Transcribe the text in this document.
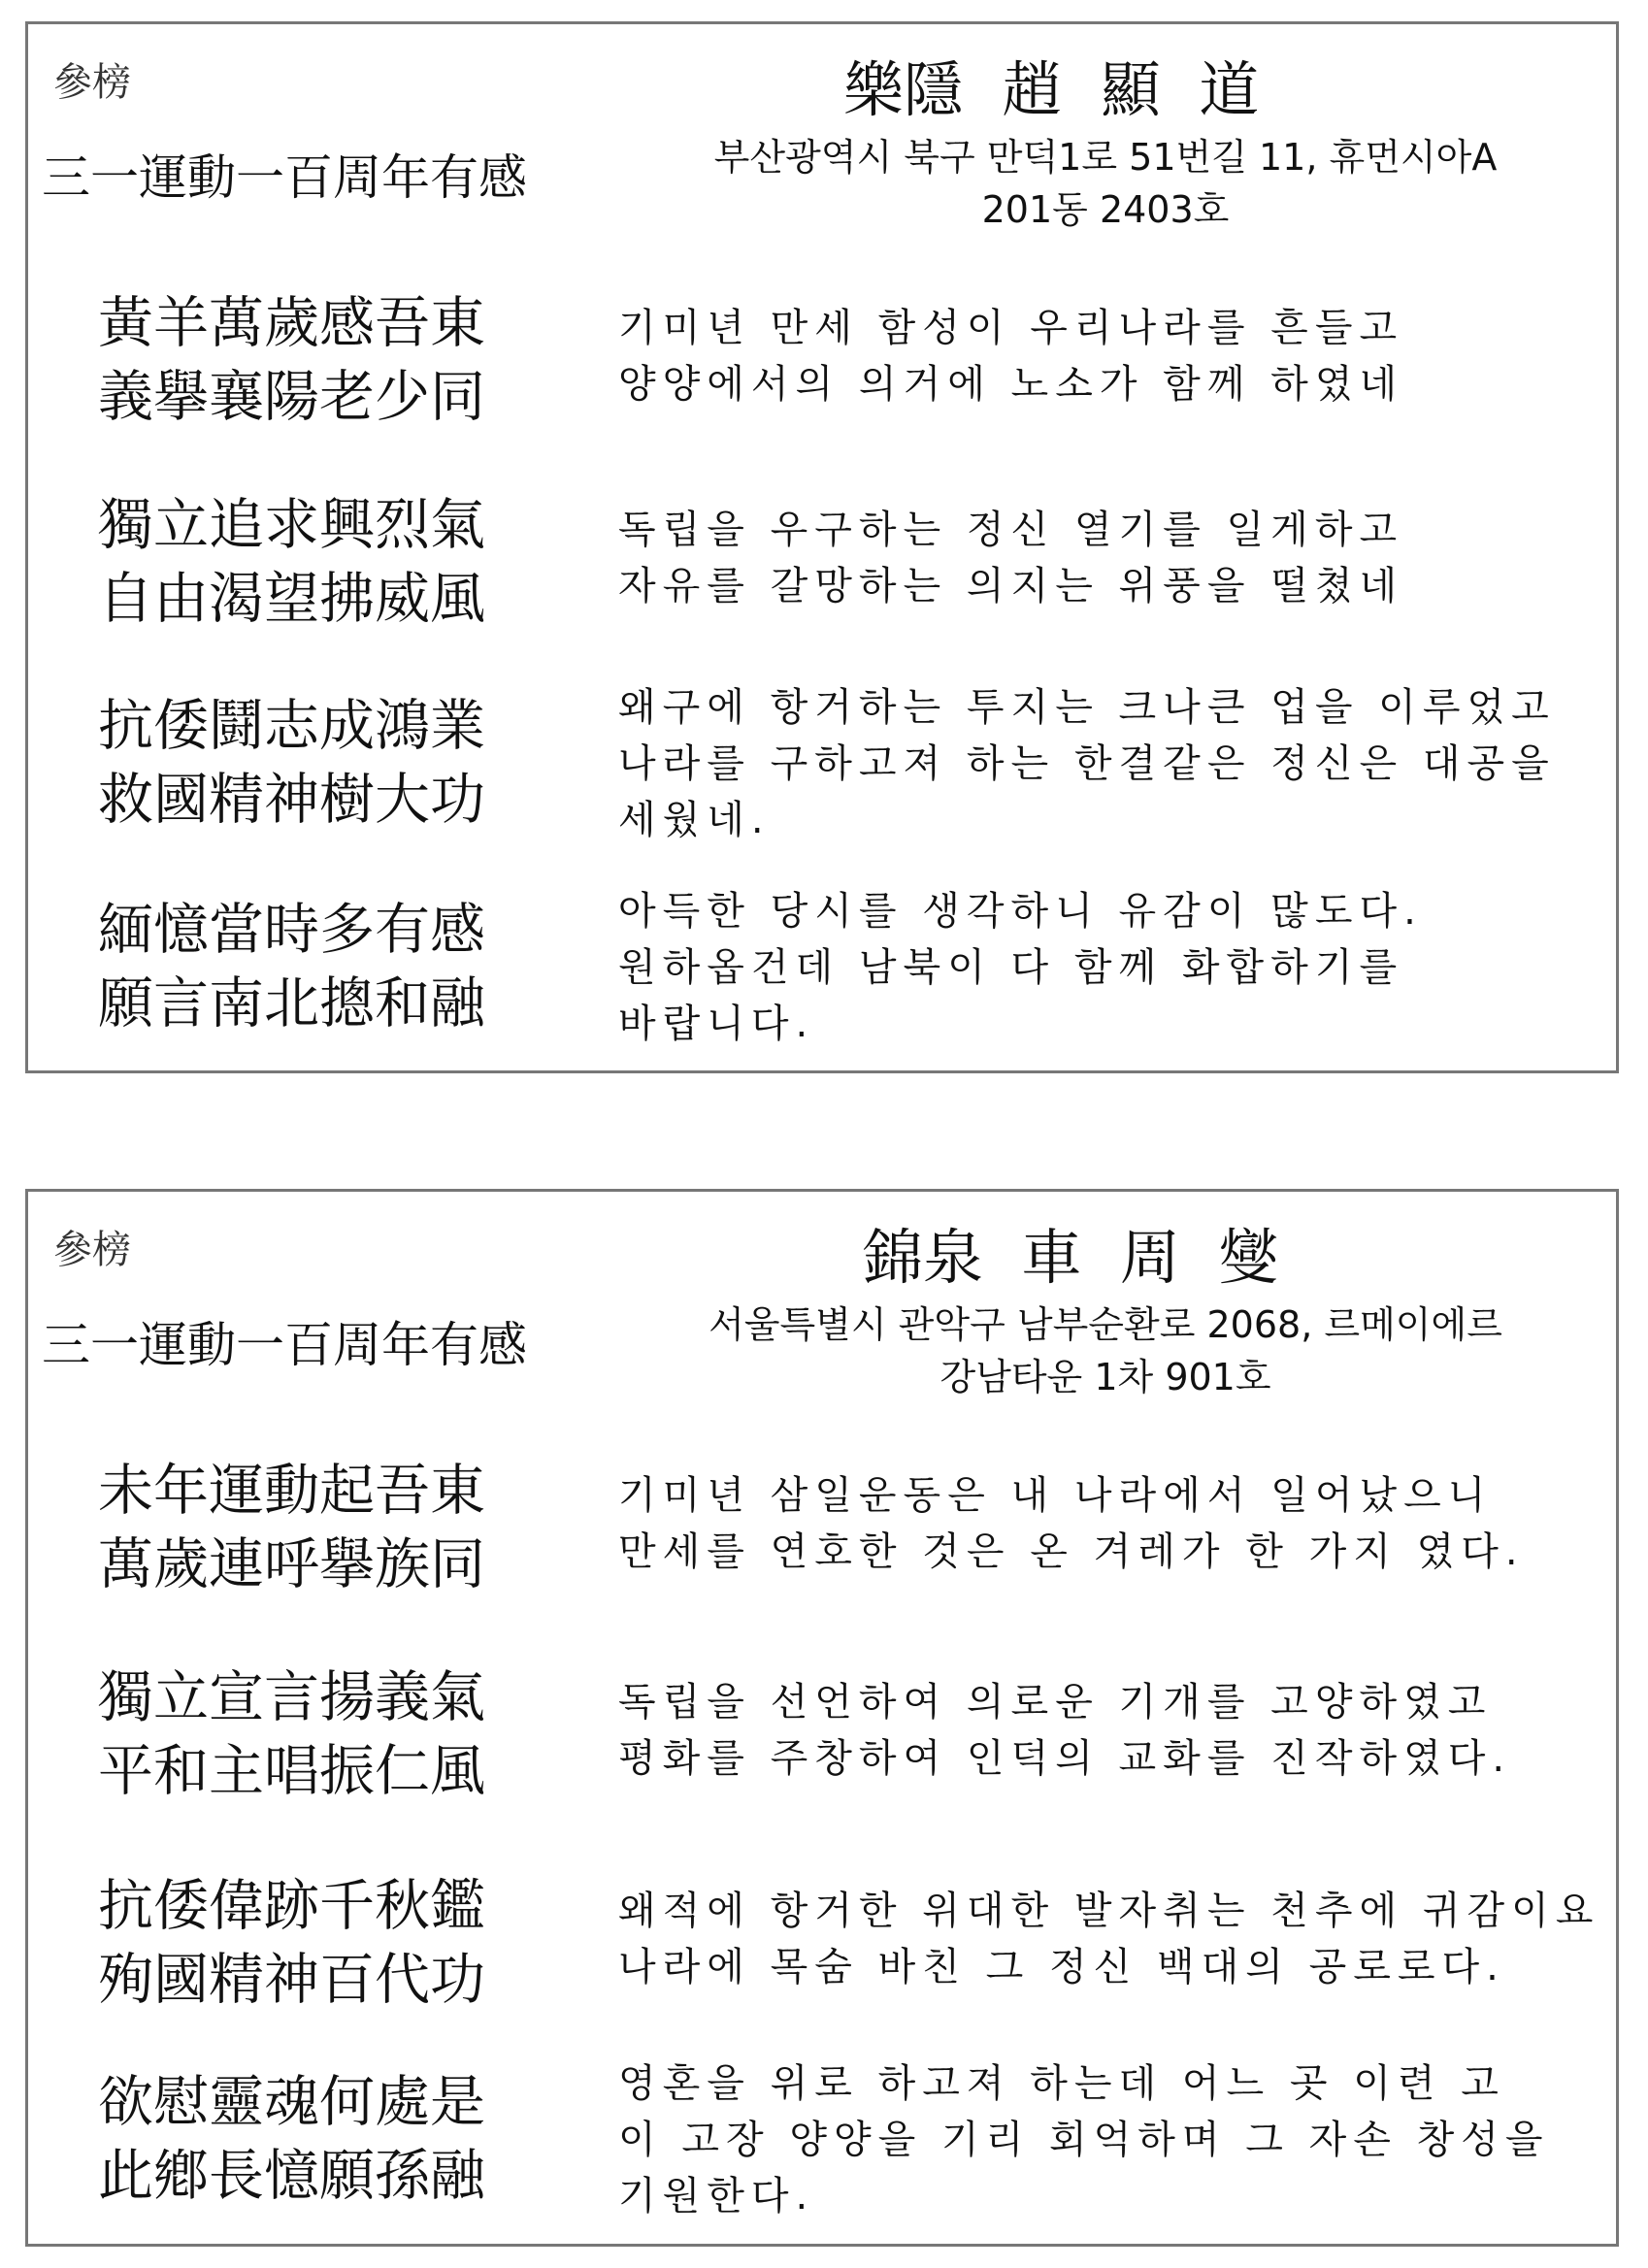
參榜	樂隱  趙  顯  道
三一運動一百周年有感	부산광역시 북구 만덕1로 51번길 11, 휴먼시아A
201동 2403호
黃羊萬歲感吾東
義擧襄陽老少同
기미년 만세 함성이 우리나라를 흔들고
양양에서의 의거에 노소가 함께 하였네
獨立追求興烈氣
自由渴望拂威風
독립을 우구하는 정신 열기를 일게하고
자유를 갈망하는 의지는 위풍을 떨쳤네
抗倭鬪志成鴻業
救國精神樹大功
왜구에 항거하는 투지는 크나큰 업을 이루었고
나라를 구하고져 하는 한결같은 정신은 대공을
세웠네.
緬憶當時多有感
願言南北摠和融
아득한 당시를 생각하니 유감이 많도다.
원하옵건데 남북이 다 함께 화합하기를
바랍니다.
參榜	錦泉  車  周  燮
三一運動一百周年有感	서울특별시 관악구 남부순환로 2068, 르메이에르
강남타운 1차 901호
未年運動起吾東
萬歲連呼擧族同
기미년 삼일운동은 내 나라에서 일어났으니
만세를 연호한 것은 온 겨레가 한 가지 였다.
獨立宣言揚義氣
平和主唱振仁風
독립을 선언하여 의로운 기개를 고양하였고
평화를 주창하여 인덕의 교화를 진작하였다.
抗倭偉跡千秋鑑
殉國精神百代功
왜적에 항거한 위대한 발자취는 천추에 귀감이요
나라에 목숨 바친 그 정신 백대의 공로로다.
欲慰靈魂何處是
此鄕長憶願孫融
영혼을 위로 하고져 하는데 어느 곳 이련 고
이 고장 양양을 기리 회억하며 그 자손 창성을
기원한다.
